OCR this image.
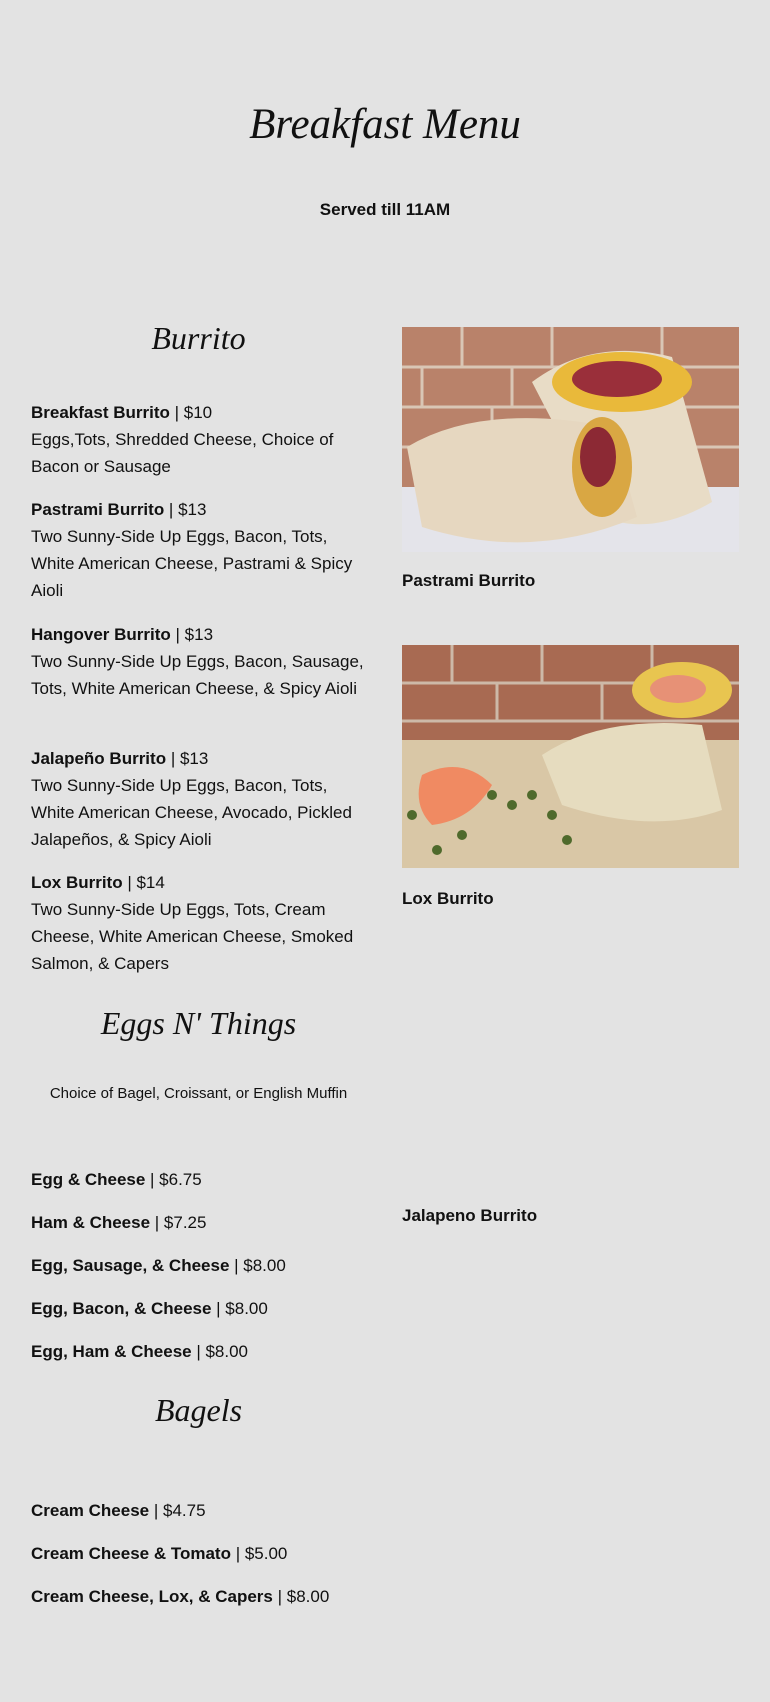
Breakfast Menu

Served till 11AM

Burrito
Breakfast Burrito | $10
Eggs,Tots, Shredded Cheese, Choice of Bacon or Sausage
Pastrami Burrito | $13
Two Sunny-Side Up Eggs, Bacon, Tots, White American Cheese, Pastrami & Spicy Aioli
Hangover Burrito | $13
Two Sunny-Side Up Eggs, Bacon, Sausage, Tots, White American Cheese, & Spicy Aioli
Jalapeño Burrito | $13
Two Sunny-Side Up Eggs, Bacon, Tots, White American Cheese, Avocado, Pickled Jalapeños, & Spicy Aioli
Lox Burrito | $14
Two Sunny-Side Up Eggs, Tots, Cream Cheese, White American Cheese, Smoked Salmon, & Capers
Eggs N' Things
Choice of Bagel, Croissant, or English Muffin
Egg & Cheese | $6.75
Ham & Cheese | $7.25
Egg, Sausage, & Cheese | $8.00
Egg, Bacon, & Cheese | $8.00
Egg, Ham & Cheese | $8.00
Bagels
Cream Cheese | $4.75
Cream Cheese & Tomato | $5.00
Cream Cheese, Lox, & Capers | $8.00
Pastrami Burrito
Lox Burrito
Jalapeno Burrito
